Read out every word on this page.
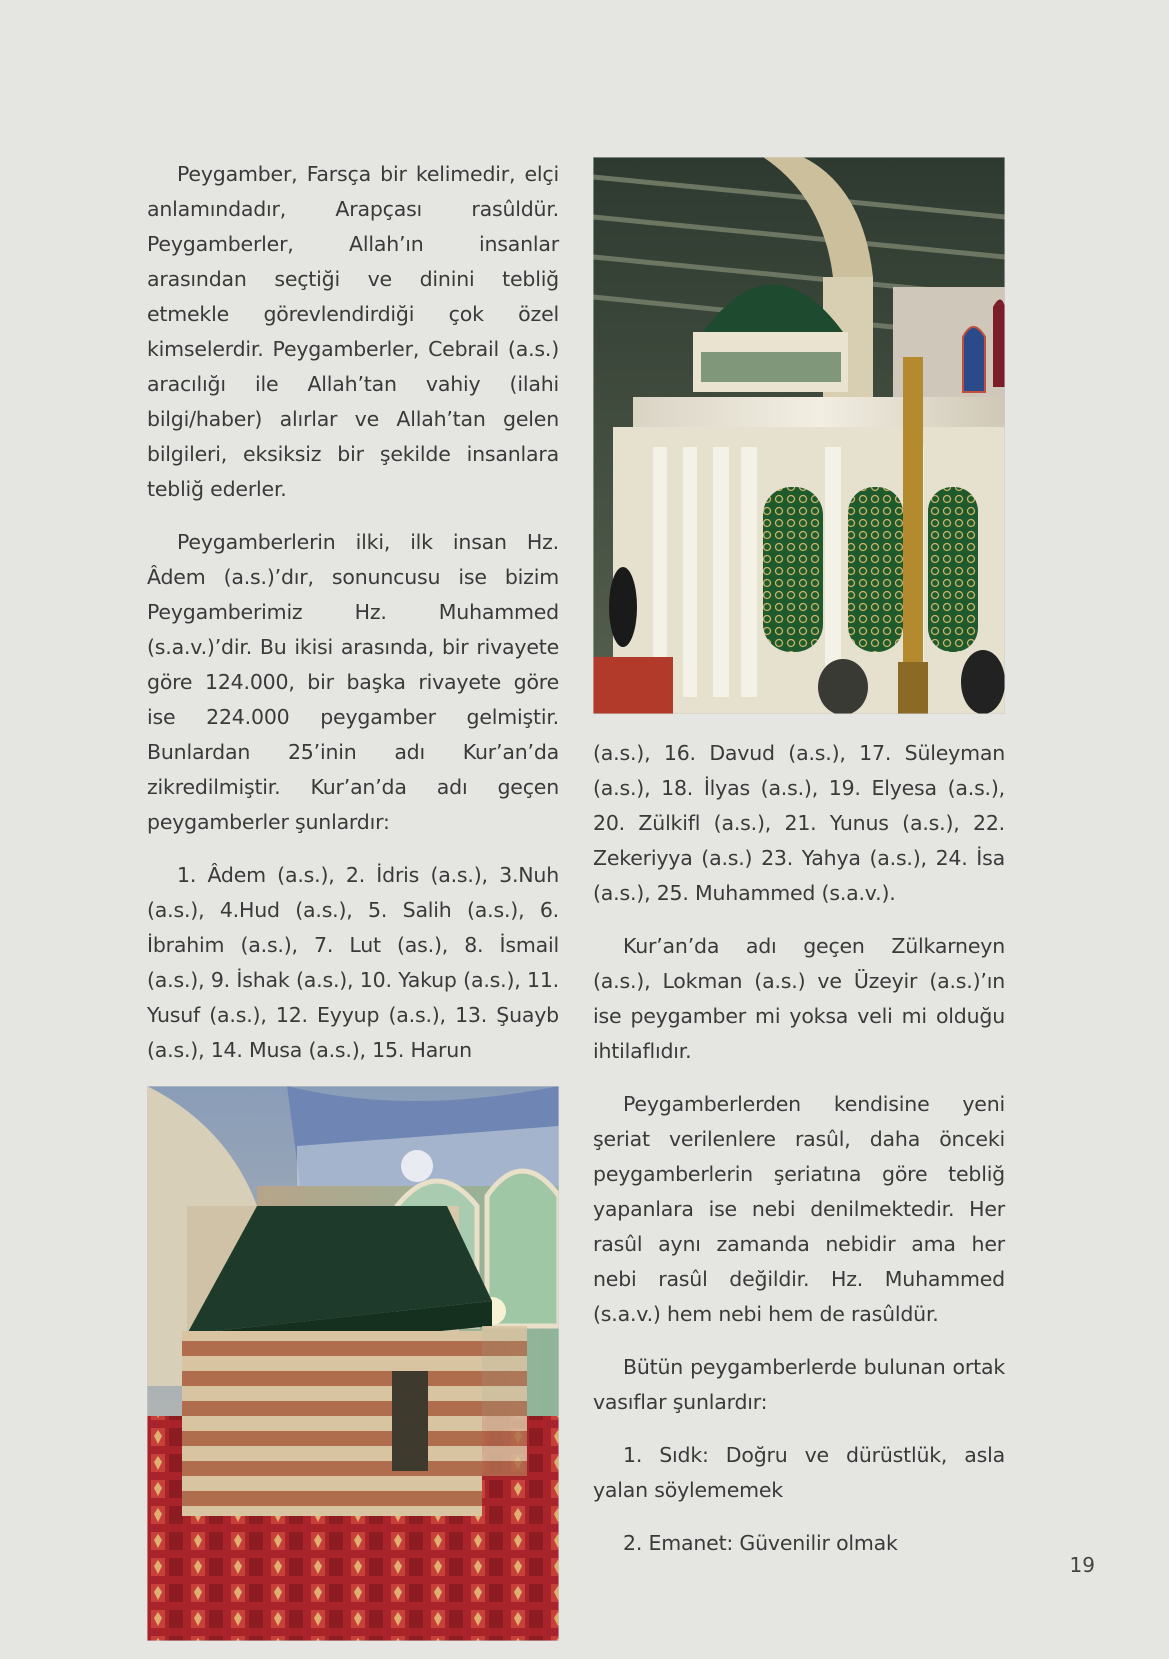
Peygamber, Farsça bir kelimedir, elçi anlamındadır, Arapçası rasûldür. Peygamberler, Allah’ın insanlar arasından seçtiği ve dinini tebliğ etmekle görevlendirdiği çok özel kimselerdir. Peygamberler, Cebrail (a.s.) aracılığı ile Allah’tan vahiy (ilahi bilgi/haber) alırlar ve Allah’tan gelen bilgileri, eksiksiz bir şekilde insanlara tebliğ ederler.

Peygamberlerin ilki, ilk insan Hz. Âdem (a.s.)’dır, sonuncusu ise bizim Peygamberimiz Hz. Muhammed (s.a.v.)’dir. Bu ikisi arasında, bir rivayete göre 124.000, bir başka rivayete göre ise 224.000 peygamber gelmiştir. Bunlardan 25’inin adı Kur’an’da zikredilmiştir. Kur’an’da adı geçen peygamberler şunlardır:

1. Âdem (a.s.), 2. İdris (a.s.), 3.Nuh (a.s.), 4.Hud (a.s.), 5. Salih (a.s.), 6. İbrahim (a.s.), 7. Lut (as.), 8. İsmail (a.s.), 9. İshak (a.s.), 10. Yakup (a.s.), 11. Yusuf (a.s.), 12. Eyyup (a.s.), 13. Şuayb (a.s.), 14. Musa (a.s.), 15. Harun

(a.s.), 16. Davud (a.s.), 17. Süleyman (a.s.), 18. İlyas (a.s.), 19. Elyesa (a.s.), 20. Zülkifl (a.s.), 21. Yunus (a.s.), 22. Zekeriyya (a.s.) 23. Yahya (a.s.), 24. İsa (a.s.), 25. Muhammed (s.a.v.).

Kur’an’da adı geçen Zülkarneyn (a.s.), Lokman (a.s.) ve Üzeyir (a.s.)’ın ise peygamber mi yoksa veli mi olduğu ihtilaflıdır.

Peygamberlerden kendisine yeni şeriat verilenlere rasûl, daha önceki peygamberlerin şeriatına göre tebliğ yapanlara ise nebi denilmektedir. Her rasûl aynı zamanda nebidir ama her nebi rasûl değildir. Hz. Muhammed (s.a.v.) hem nebi hem de rasûldür.

Bütün peygamberlerde bulunan ortak vasıflar şunlardır:

1. Sıdk: Doğru ve dürüstlük, asla yalan söylememek

2. Emanet: Güvenilir olmak

19
